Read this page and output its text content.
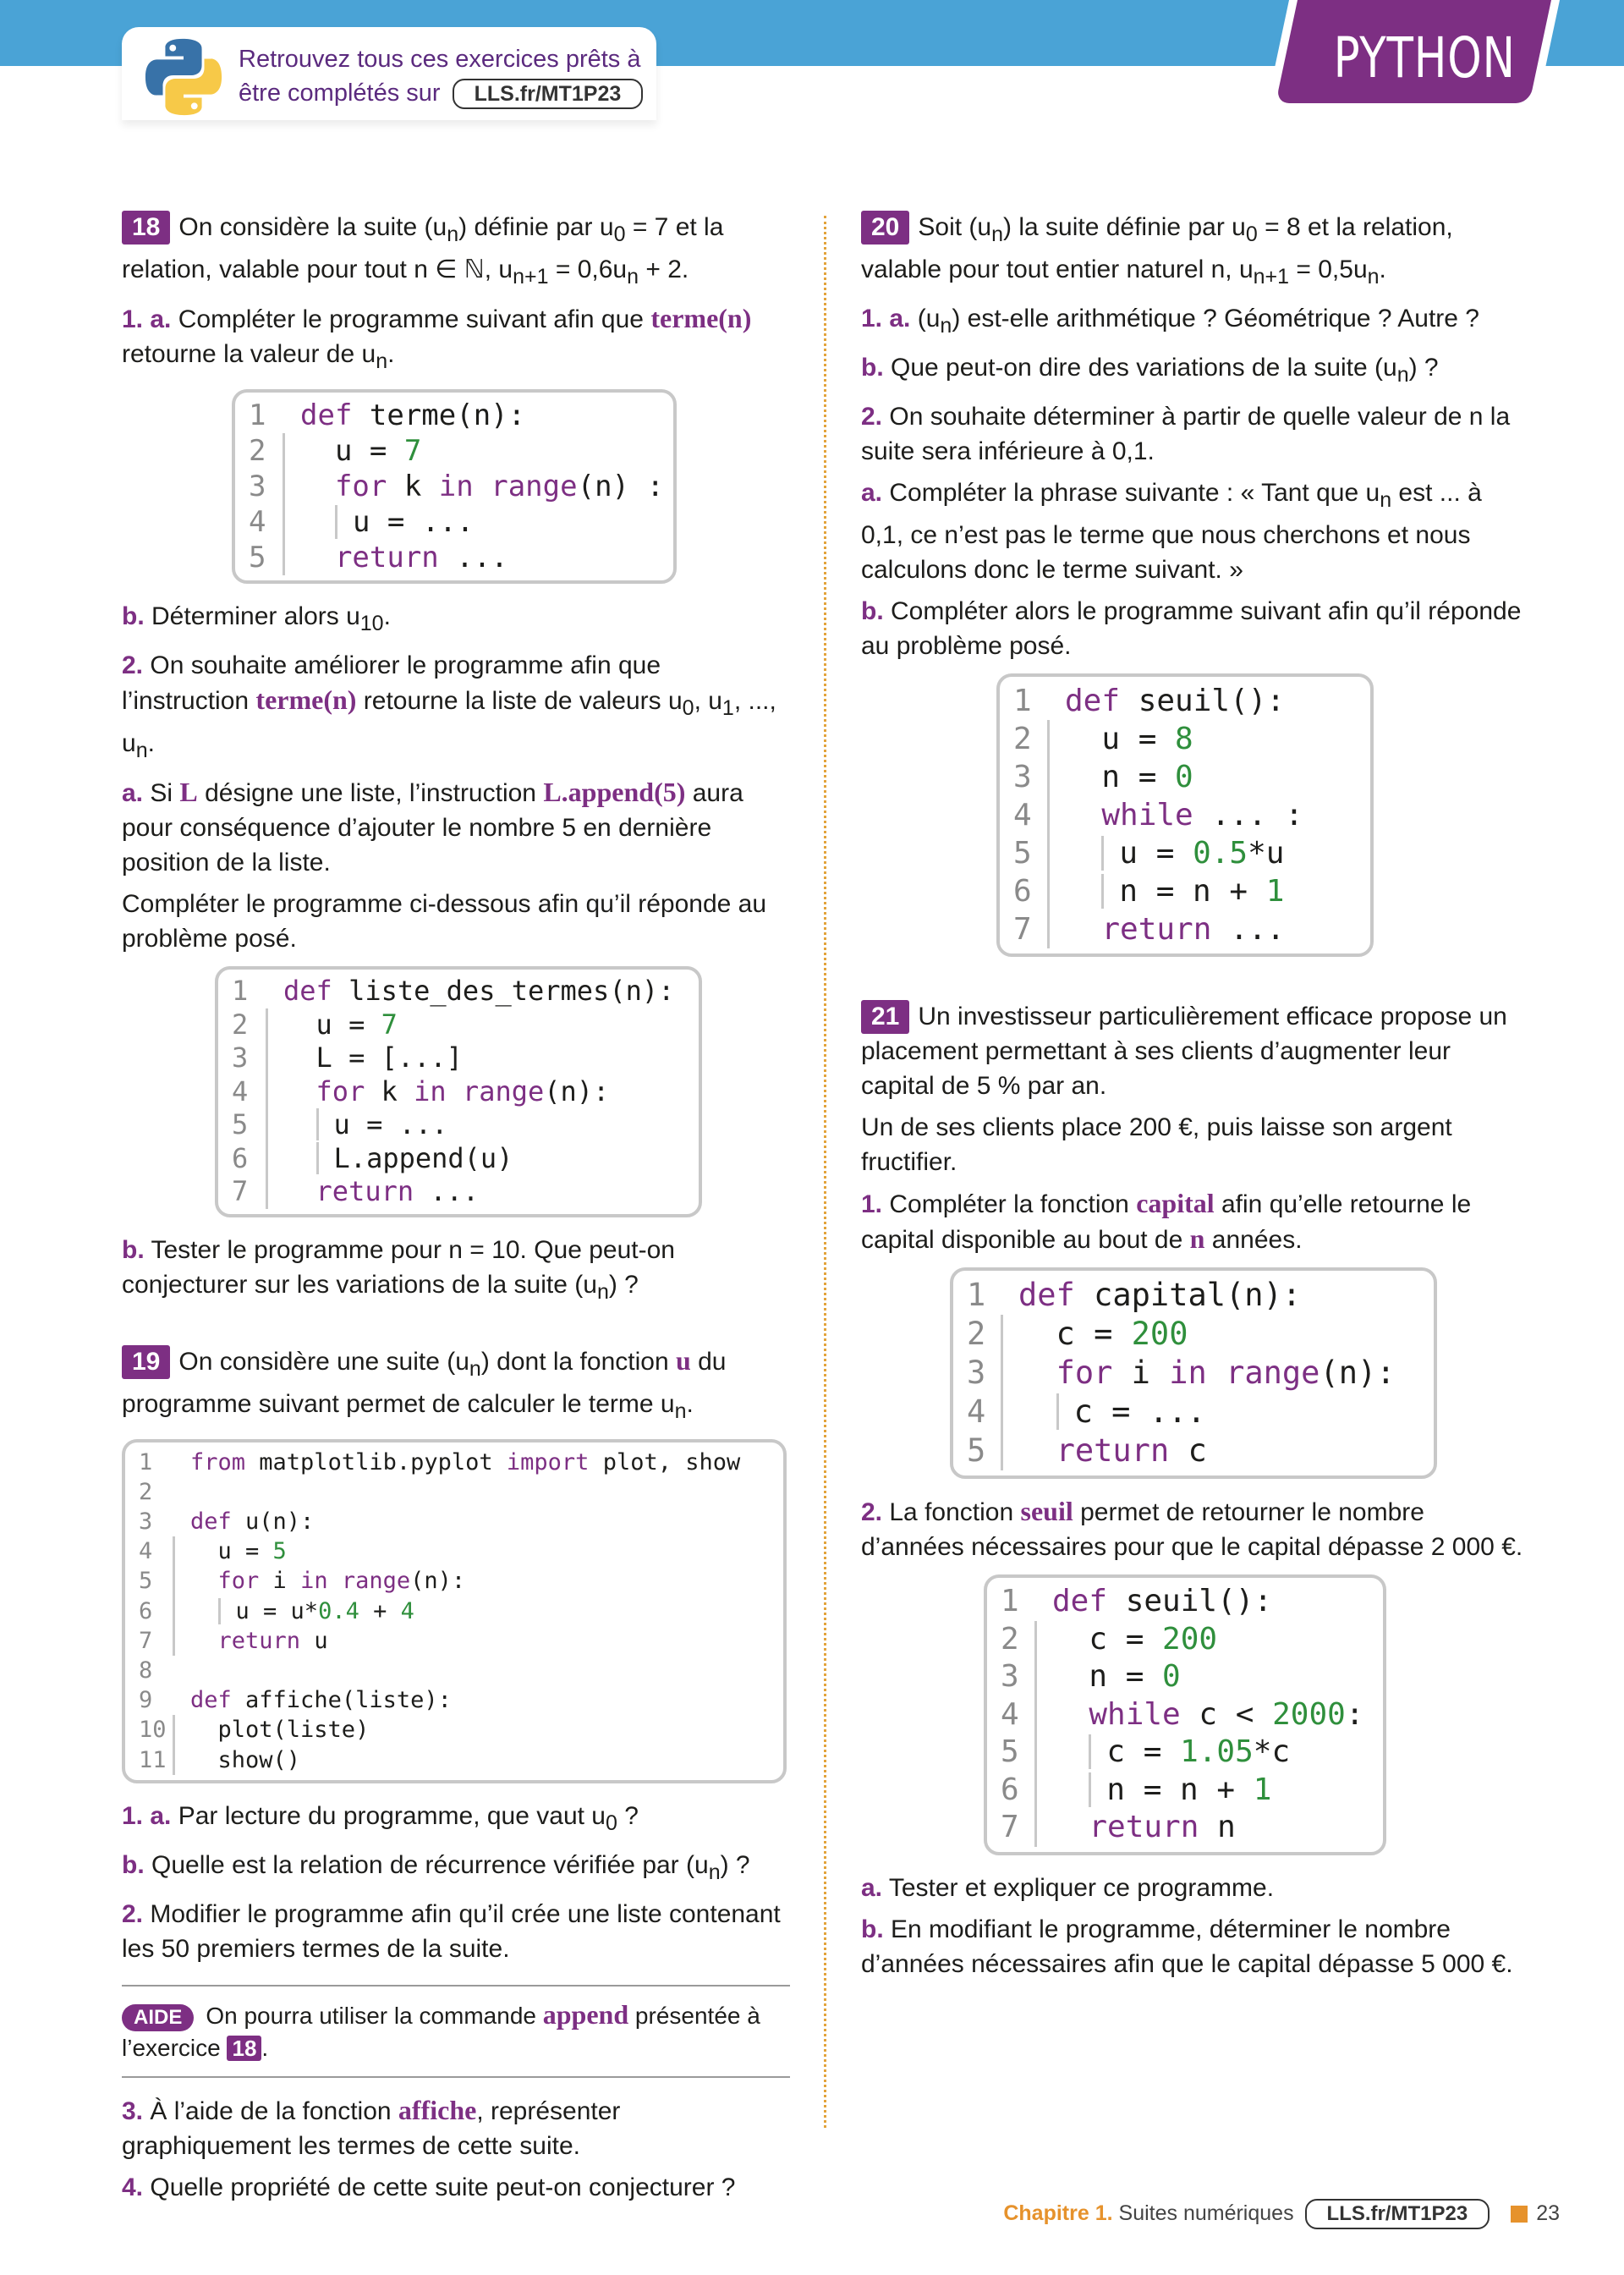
Retrouvez tous ces exercices prêts à
être complétés sur LLS.fr/MT1P23
PYTHON

18 On considère la suite $(u_n)$ définie par $u_0 = 7$ et la relation, valable pour tout n ∈ ℕ, $u_{n+1} = 0,6u_n + 2$.

1. a. Compléter le programme suivant afin que terme(n) retourne la valeur de $u_n$.

1	def terme(n):
2	u = 7
3	for k in range(n) :
4	u = ...
5	return ...

b. Déterminer alors $u_{10}$.

2. On souhaite améliorer le programme afin que l’instruction terme(n) retourne la liste de valeurs $u_0$, $u_1$, ..., $u_n$.

a. Si L désigne une liste, l’instruction L.append(5) aura pour conséquence d’ajouter le nombre 5 en dernière position de la liste.

Compléter le programme ci-dessous afin qu’il réponde au problème posé.

1	def liste_des_termes(n):
2	u = 7
3	L = [...]
4	for k in range(n):
5	u = ...
6	L.append(u)
7	return ...

b. Tester le programme pour n = 10. Que peut-on conjecturer sur les variations de la suite $(u_n)$ ?

19 On considère une suite $(u_n)$ dont la fonction u du programme suivant permet de calculer le terme $u_n$.

1	from matplotlib.pyplot import plot, show
2

3	def u(n):
4	u = 5
5	for i in range(n):
6	u = u*0.4 + 4
7	return u
8

9	def affiche(liste):
10	plot(liste)
11	show()

1. a. Par lecture du programme, que vaut $u_0$ ?

b. Quelle est la relation de récurrence vérifiée par $(u_n)$ ?

2. Modifier le programme afin qu’il crée une liste contenant les 50 premiers termes de la suite.

AIDE On pourra utiliser la commande append présentée à l’exercice 18 .

3. À l’aide de la fonction affiche, représenter graphiquement les termes de cette suite.

4. Quelle propriété de cette suite peut-on conjecturer ?

20 Soit $(u_n)$ la suite définie par $u_0 = 8$ et la relation, valable pour tout entier naturel n, $u_{n+1} = 0,5u_n$.

1. a. $(u_n)$ est-elle arithmétique ? Géométrique ? Autre ?

b. Que peut-on dire des variations de la suite $(u_n)$ ?

2. On souhaite déterminer à partir de quelle valeur de n la suite sera inférieure à 0,1.

a. Compléter la phrase suivante : « Tant que $u_n$ est ... à 0,1, ce n’est pas le terme que nous cherchons et nous calculons donc le terme suivant. »

b. Compléter alors le programme suivant afin qu’il réponde au problème posé.

1	def seuil():
2	u = 8
3	n = 0
4	while ... :
5	u = 0.5*u
6	n = n + 1
7	return ...

21 Un investisseur particulièrement efficace propose un placement permettant à ses clients d’augmenter leur capital de 5 % par an.

Un de ses clients place 200 €, puis laisse son argent fructifier.

1. Compléter la fonction capital afin qu’elle retourne le capital disponible au bout de n années.

1	def capital(n):
2	c = 200
3	for i in range(n):
4	c = ...
5	return c

2. La fonction seuil permet de retourner le nombre d’années nécessaires pour que le capital dépasse 2 000 €.

1	def seuil():
2	c = 200
3	n = 0
4	while c < 2000:
5	c = 1.05*c
6	n = n + 1
7	return n

a. Tester et expliquer ce programme.

b. En modifiant le programme, déterminer le nombre d’années nécessaires afin que le capital dépasse 5 000 €.

Chapitre 1. Suites numériques LLS.fr/MT1P23	23
